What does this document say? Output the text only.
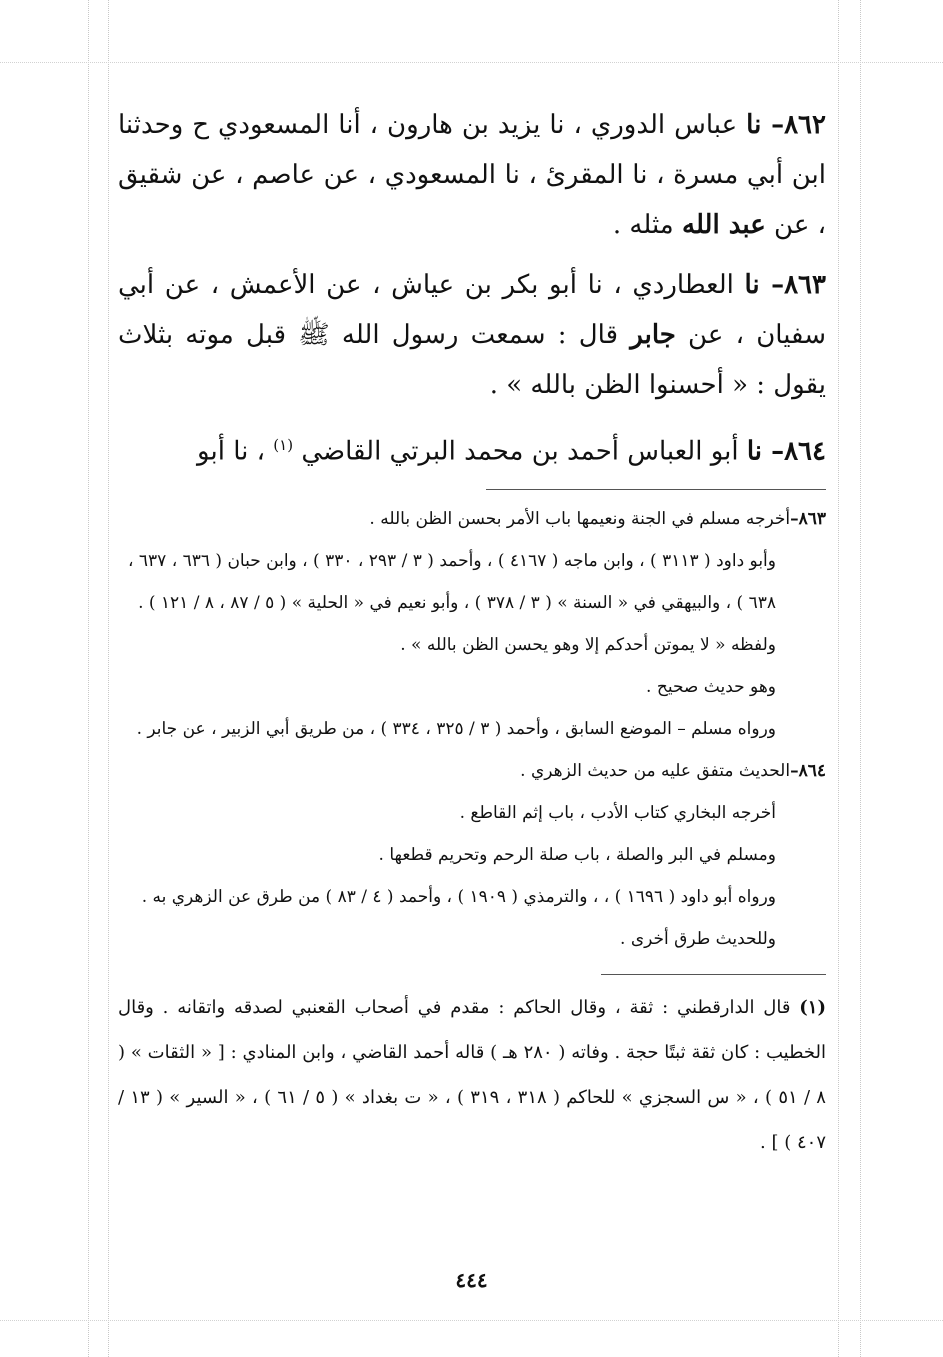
٨٦٢– نا عباس الدوري ، نا يزيد بن هارون ، أنا المسعودي ح وحدثنا ابن أبي مسرة ، نا المقرئ ، نا المسعودي ، عن عاصم ، عن شقيق ، عن عبد الله مثله .

٨٦٣– نا العطاردي ، نا أبو بكر بن عياش ، عن الأعمش ، عن أبي سفيان ، عن جابر قال : سمعت رسول الله ﷺ قبل موته بثلاث يقول : « أحسنوا الظن بالله » .

٨٦٤– نا أبو العباس أحمد بن محمد البرتي القاضي $^{(١)}$ ، نا أبو

٨٦٣–أخرجه مسلم في الجنة ونعيمها باب الأمر بحسن الظن بالله .

وأبو داود ( ٣١١٣ ) ، وابن ماجه ( ٤١٦٧ ) ، وأحمد ( ٣ / ٢٩٣ ، ٣٣٠ ) ، وابن حبان ( ٦٣٦ ، ٦٣٧ ، ٦٣٨ ) ، والبيهقي في « السنة » ( ٣ / ٣٧٨ ) ، وأبو نعيم في « الحلية » ( ٥ / ٨٧ ، ٨ / ١٢١ ) .

ولفظه « لا يموتن أحدكم إلا وهو يحسن الظن بالله » .

وهو حديث صحيح .

ورواه مسلم – الموضع السابق ، وأحمد ( ٣ / ٣٢٥ ، ٣٣٤ ) ، من طريق أبي الزبير ، عن جابر .

٨٦٤–الحديث متفق عليه من حديث الزهري .

أخرجه البخاري كتاب الأدب ، باب إثم القاطع .

ومسلم في البر والصلة ، باب صلة الرحم وتحريم قطعها .

ورواه أبو داود ( ١٦٩٦ ) ، ، والترمذي ( ١٩٠٩ ) ، وأحمد ( ٤ / ٨٣ ) من طرق عن الزهري به .

وللحديث طرق أخرى .

(١) قال الدارقطني : ثقة ، وقال الحاكم : مقدم في أصحاب القعنبي لصدقه واتقانه . وقال الخطيب : كان ثقة ثبتًا حجة . وفاته ( ٢٨٠ هـ ) قاله أحمد القاضي ، وابن المنادي : [ « الثقات » ( ٨ / ٥١ ) ، « س السجزي » للحاكم ( ٣١٨ ، ٣١٩ ) ، « ت بغداد » ( ٥ / ٦١ ) ، « السير » ( ١٣ / ٤٠٧ ) ] .

٤٤٤
